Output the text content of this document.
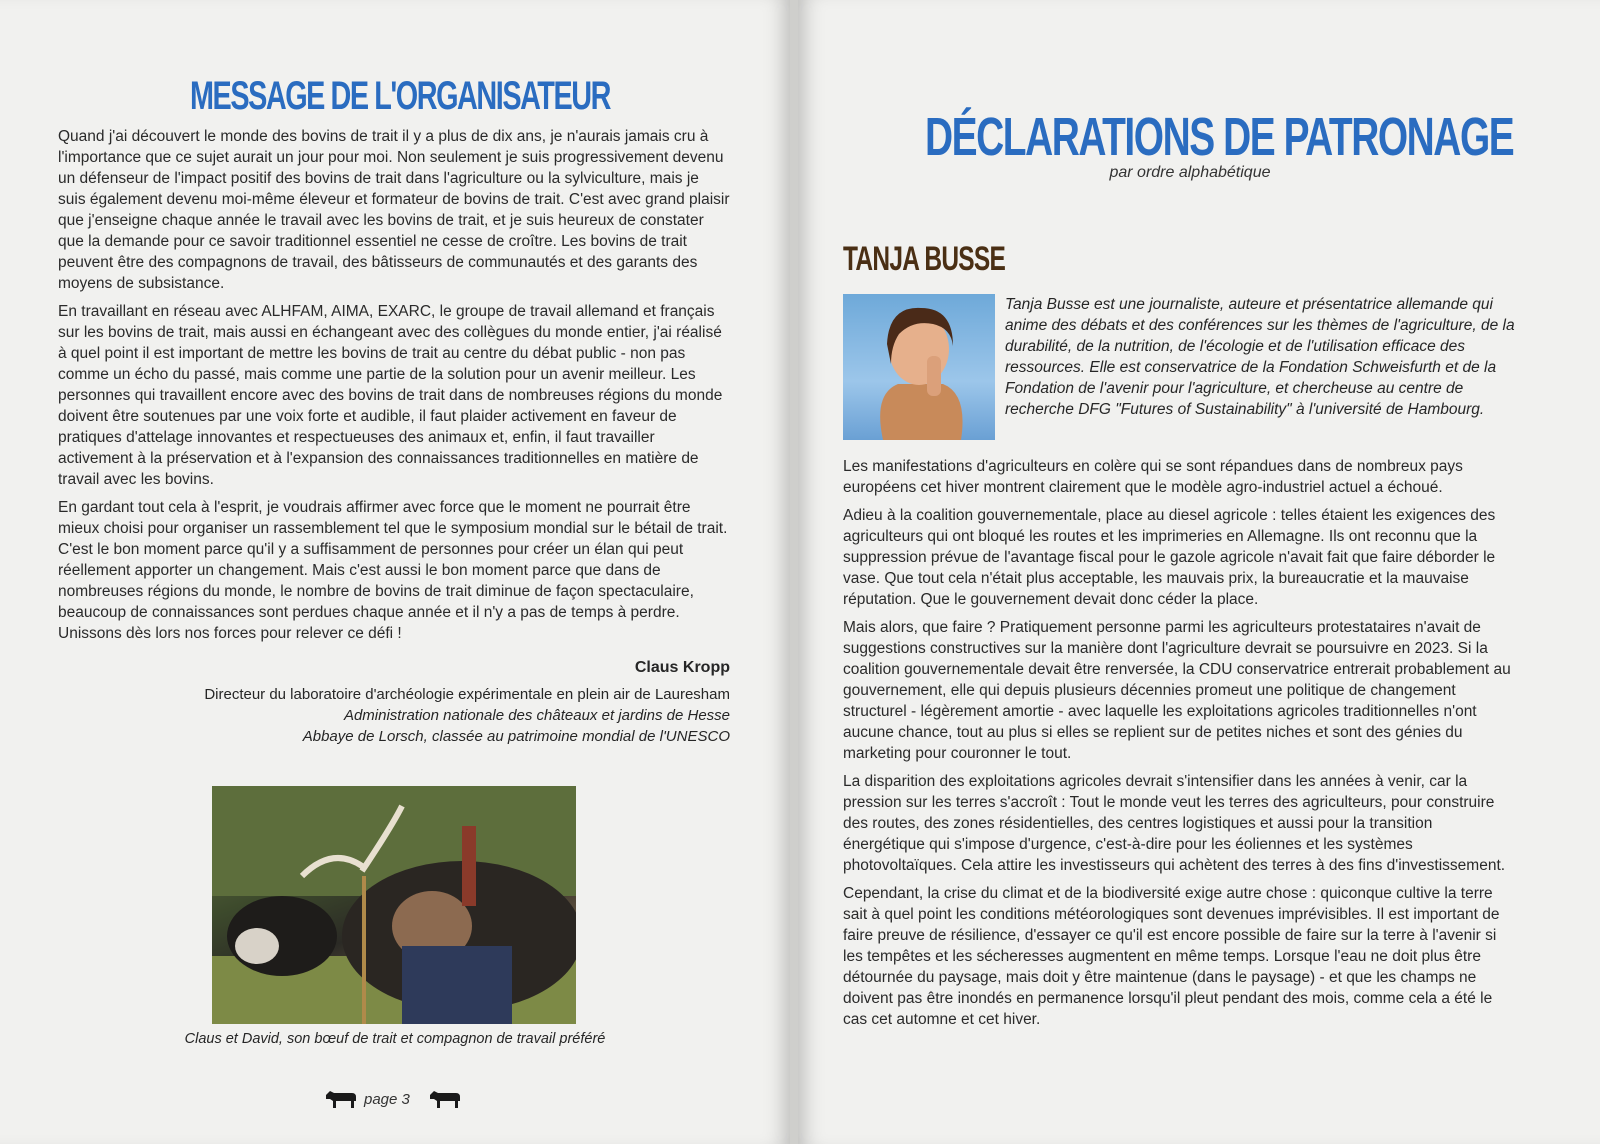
MESSAGE DE L'ORGANISATEUR

Quand j'ai découvert le monde des bovins de trait il y a plus de dix ans, je n'aurais jamais cru à l'importance que ce sujet aurait un jour pour moi. Non seulement je suis progressivement devenu un défenseur de l'impact positif des bovins de trait dans l'agriculture ou la sylviculture, mais je suis également devenu moi-même éleveur et formateur de bovins de trait. C'est avec grand plaisir que j'enseigne chaque année le travail avec les bovins de trait, et je suis heureux de constater que la demande pour ce savoir traditionnel essentiel ne cesse de croître. Les bovins de trait peuvent être des compagnons de travail, des bâtisseurs de communautés et des garants des moyens de subsistance.

En travaillant en réseau avec ALHFAM, AIMA, EXARC, le groupe de travail allemand et français sur les bovins de trait, mais aussi en échangeant avec des collègues du monde entier, j'ai réalisé à quel point il est important de mettre les bovins de trait au centre du débat public - non pas comme un écho du passé, mais comme une partie de la solution pour un avenir meilleur. Les personnes qui travaillent encore avec des bovins de trait dans de nombreuses régions du monde doivent être soutenues par une voix forte et audible, il faut plaider activement en faveur de pratiques d'attelage innovantes et respectueuses des animaux et, enfin, il faut travailler activement à la préservation et à l'expansion des connaissances traditionnelles en matière de travail avec les bovins.

En gardant tout cela à l'esprit, je voudrais affirmer avec force que le moment ne pourrait être mieux choisi pour organiser un rassemblement tel que le symposium mondial sur le bétail de trait. C'est le bon moment parce qu'il y a suffisamment de personnes pour créer un élan qui peut réellement apporter un changement. Mais c'est aussi le bon moment parce que dans de nombreuses régions du monde, le nombre de bovins de trait diminue de façon spectaculaire, beaucoup de connaissances sont perdues chaque année et il n'y a pas de temps à perdre. Unissons dès lors nos forces pour relever ce défi !

Claus Kropp
Directeur du laboratoire d'archéologie expérimentale en plein air de Lauresham
Administration nationale des châteaux et jardins de Hesse
Abbaye de Lorsch, classée au patrimoine mondial de l'UNESCO
Claus et David, son bœuf de trait et compagnon de travail préféré
page 3
DÉCLARATIONS DE PATRONAGE
par ordre alphabétique
TANJA BUSSE
Tanja Busse est une journaliste, auteure et présentatrice allemande qui anime des débats et des conférences sur les thèmes de l'agriculture, de la durabilité, de la nutrition, de l'écologie et de l'utilisation efficace des ressources. Elle est conservatrice de la Fondation Schweisfurth et de la Fondation de l'avenir pour l'agriculture, et chercheuse au centre de recherche DFG "Futures of Sustainability" à l'université de Hambourg.

Les manifestations d'agriculteurs en colère qui se sont répandues dans de nombreux pays européens cet hiver montrent clairement que le modèle agro-industriel actuel a échoué.

Adieu à la coalition gouvernementale, place au diesel agricole : telles étaient les exigences des agriculteurs qui ont bloqué les routes et les imprimeries en Allemagne. Ils ont reconnu que la suppression prévue de l'avantage fiscal pour le gazole agricole n'avait fait que faire déborder le vase. Que tout cela n'était plus acceptable, les mauvais prix, la bureaucratie et la mauvaise réputation. Que le gouvernement devait donc céder la place.

Mais alors, que faire ? Pratiquement personne parmi les agriculteurs protestataires n'avait de suggestions constructives sur la manière dont l'agriculture devrait se poursuivre en 2023. Si la coalition gouvernementale devait être renversée, la CDU conservatrice entrerait probablement au gouvernement, elle qui depuis plusieurs décennies promeut une politique de changement structurel - légèrement amortie - avec laquelle les exploitations agricoles traditionnelles n'ont aucune chance, tout au plus si elles se replient sur de petites niches et sont des génies du marketing pour couronner le tout.

La disparition des exploitations agricoles devrait s'intensifier dans les années à venir, car la pression sur les terres s'accroît : Tout le monde veut les terres des agriculteurs, pour construire des routes, des zones résidentielles, des centres logistiques et aussi pour la transition énergétique qui s'impose d'urgence, c'est-à-dire pour les éoliennes et les systèmes photovoltaïques. Cela attire les investisseurs qui achètent des terres à des fins d'investissement.

Cependant, la crise du climat et de la biodiversité exige autre chose : quiconque cultive la terre sait à quel point les conditions météorologiques sont devenues imprévisibles. Il est important de faire preuve de résilience, d'essayer ce qu'il est encore possible de faire sur la terre à l'avenir si les tempêtes et les sécheresses augmentent en même temps. Lorsque l'eau ne doit plus être détournée du paysage, mais doit y être maintenue (dans le paysage) - et que les champs ne doivent pas être inondés en permanence lorsqu'il pleut pendant des mois, comme cela a été le cas cet automne et cet hiver.
